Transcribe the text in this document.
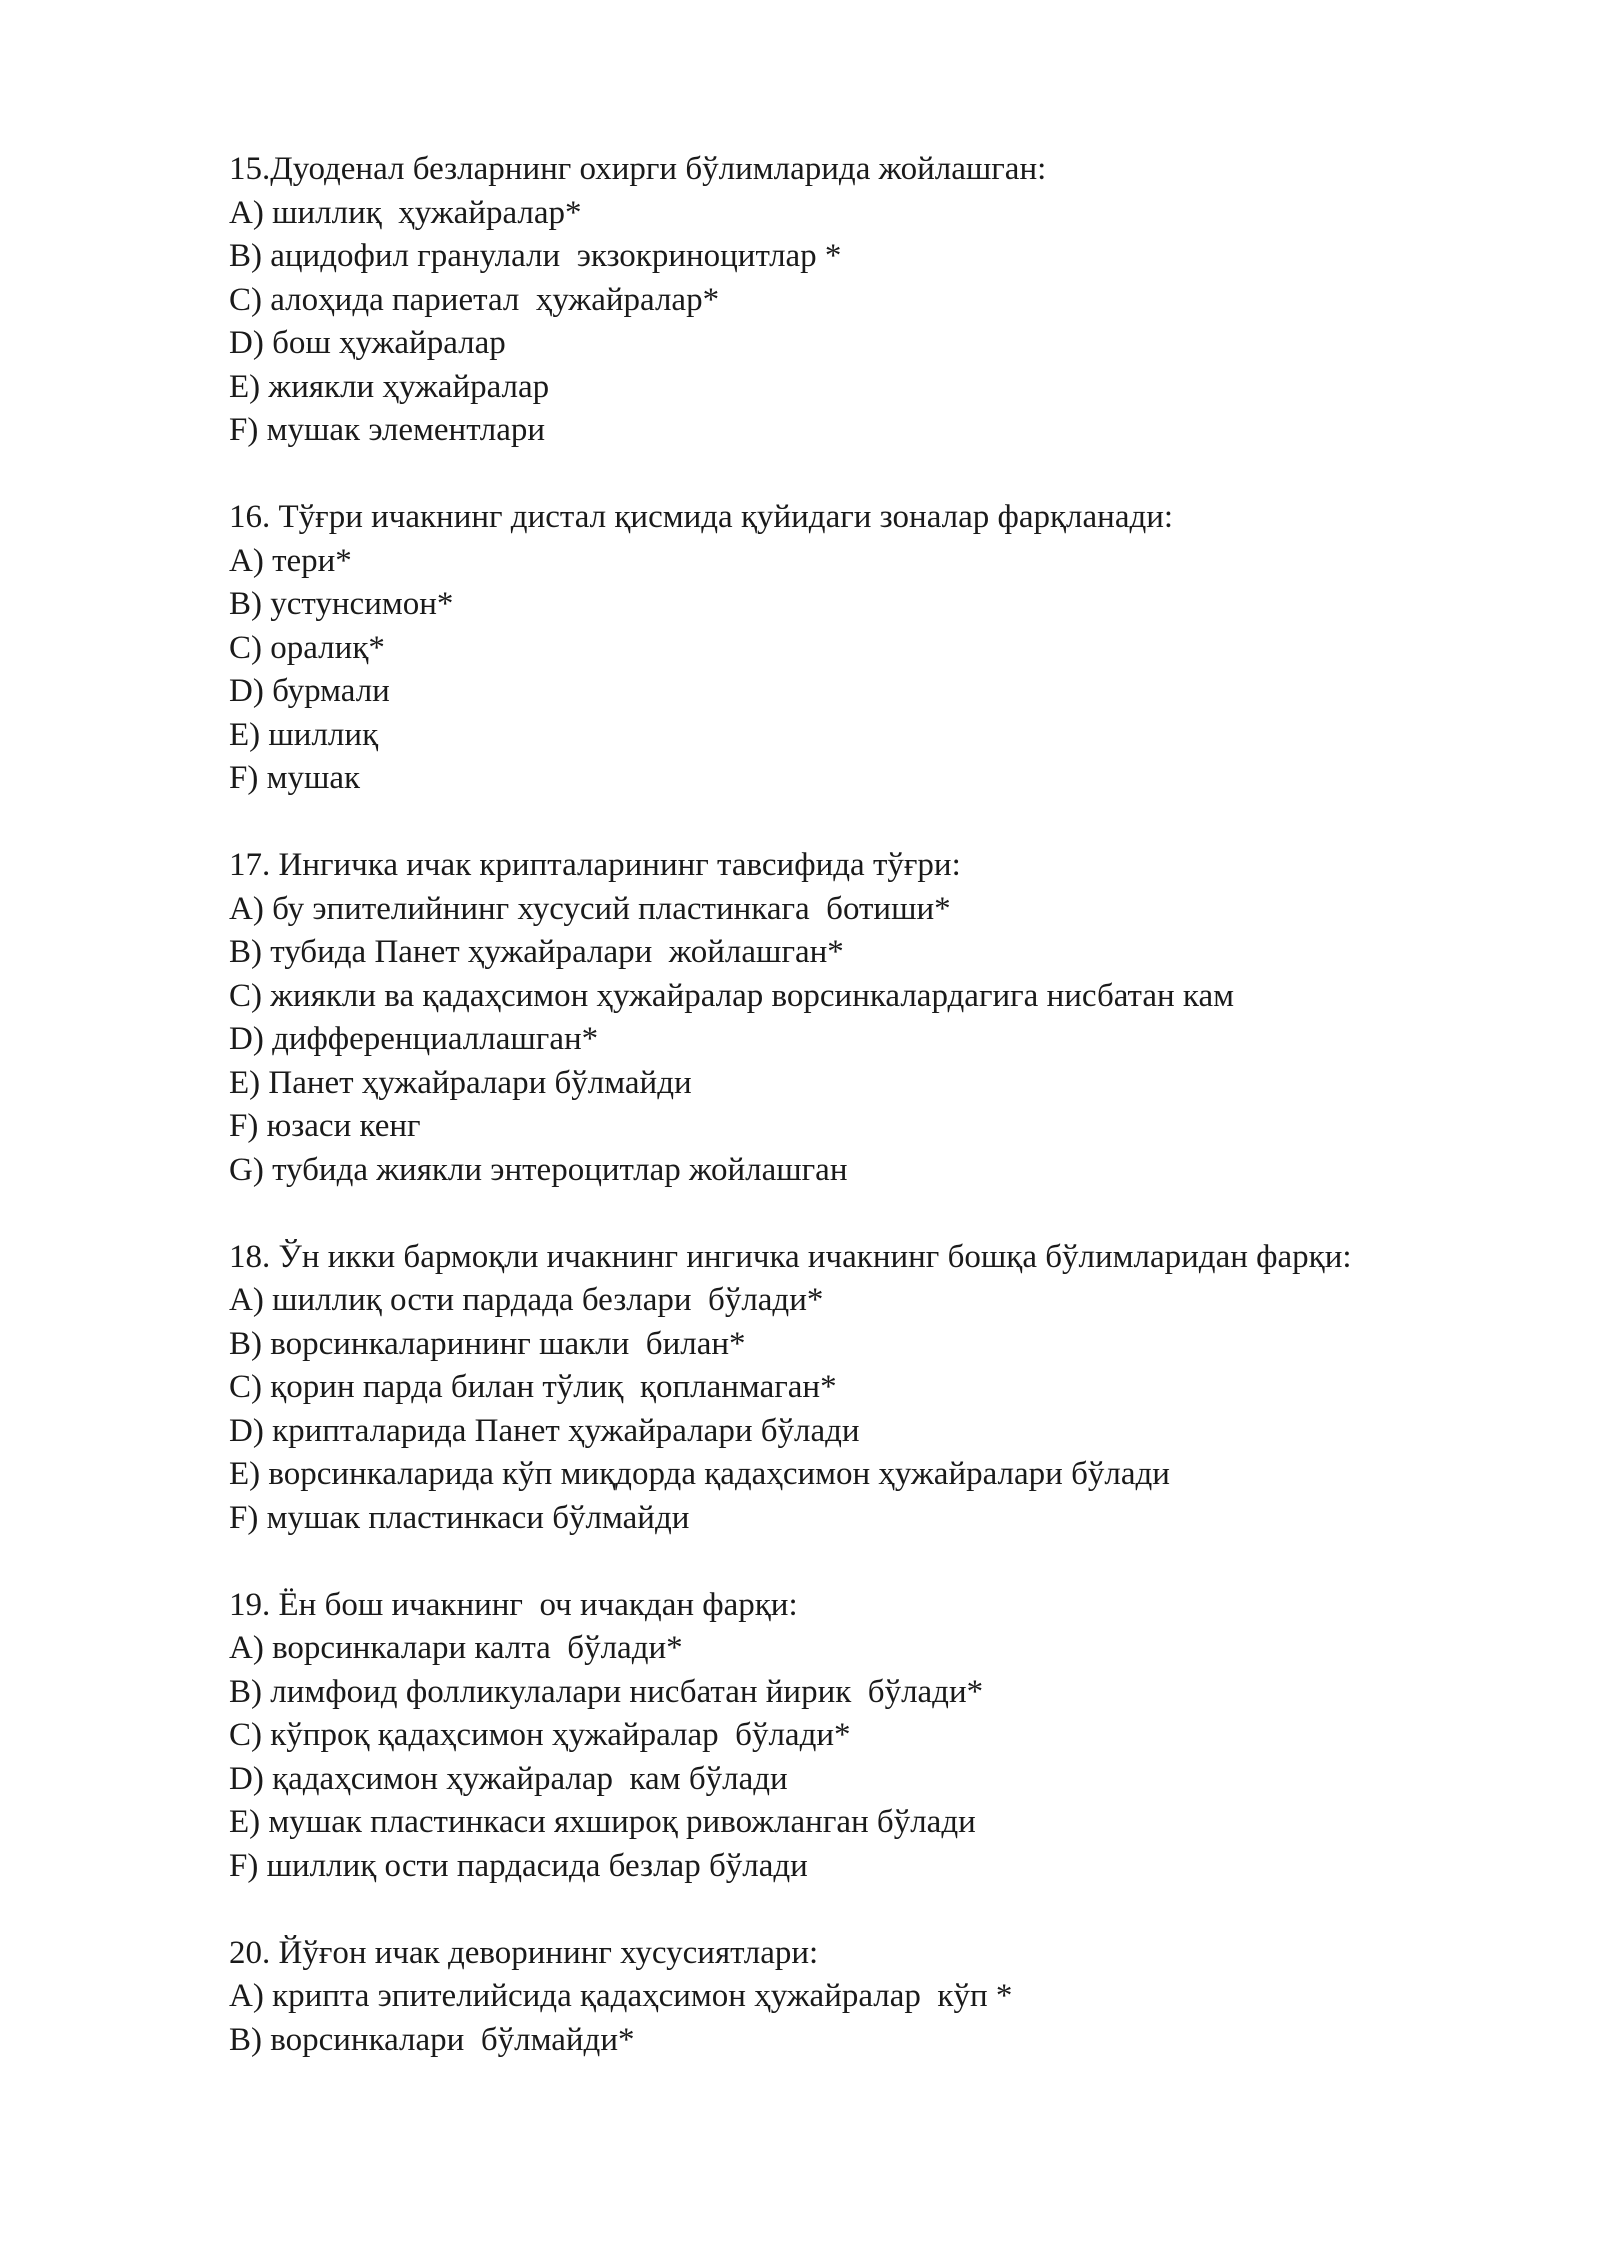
15.Дуоденал безларнинг охирги бўлимларида жойлашган:
A) шиллиқ  ҳужайралар*
B) ацидофил гранулали  экзокриноцитлар *
C) алоҳида париетал  ҳужайралар*
D) бош ҳужайралар
E) жиякли ҳужайралар
F) мушак элементлари
16. Тўғри ичакнинг дистал қисмида қуйидаги зоналар фарқланади:
A) тери*
B) устунсимон*
C) оралиқ*
D) бурмали
E) шиллиқ
F) мушак
17. Ингичка ичак крипталарининг тавсифида тўғри:
A) бу эпителийнинг хусусий пластинкага  ботиши*
B) тубида Панет ҳужайралари  жойлашган*
C) жиякли ва қадаҳсимон ҳужайралар ворсинкалардагига нисбатан кам
D) дифференциаллашган*
E) Панет ҳужайралари бўлмайди
F) юзаси кенг
G) тубида жиякли энтероцитлар жойлашган
18. Ўн икки бармоқли ичакнинг ингичка ичакнинг бошқа бўлимларидан фарқи:
A) шиллиқ ости пардада безлари  бўлади*
B) ворсинкаларининг шакли  билан*
C) қорин парда билан тўлиқ  қопланмаган*
D) крипталарида Панет ҳужайралари бўлади
E) ворсинкаларида кўп миқдорда қадаҳсимон ҳужайралари бўлади
F) мушак пластинкаси бўлмайди
19. Ён бош ичакнинг  оч ичакдан фарқи:
A) ворсинкалари калта  бўлади*
B) лимфоид фолликулалари нисбатан йирик  бўлади*
C) кўпроқ қадаҳсимон ҳужайралар  бўлади*
D) қадаҳсимон ҳужайралар  кам бўлади
E) мушак пластинкаси яхшироқ ривожланган бўлади
F) шиллиқ ости пардасида безлар бўлади
20. Йўғон ичак деворининг хусусиятлари:
A) крипта эпителийсида қадаҳсимон ҳужайралар  кўп *
B) ворсинкалари  бўлмайди*
